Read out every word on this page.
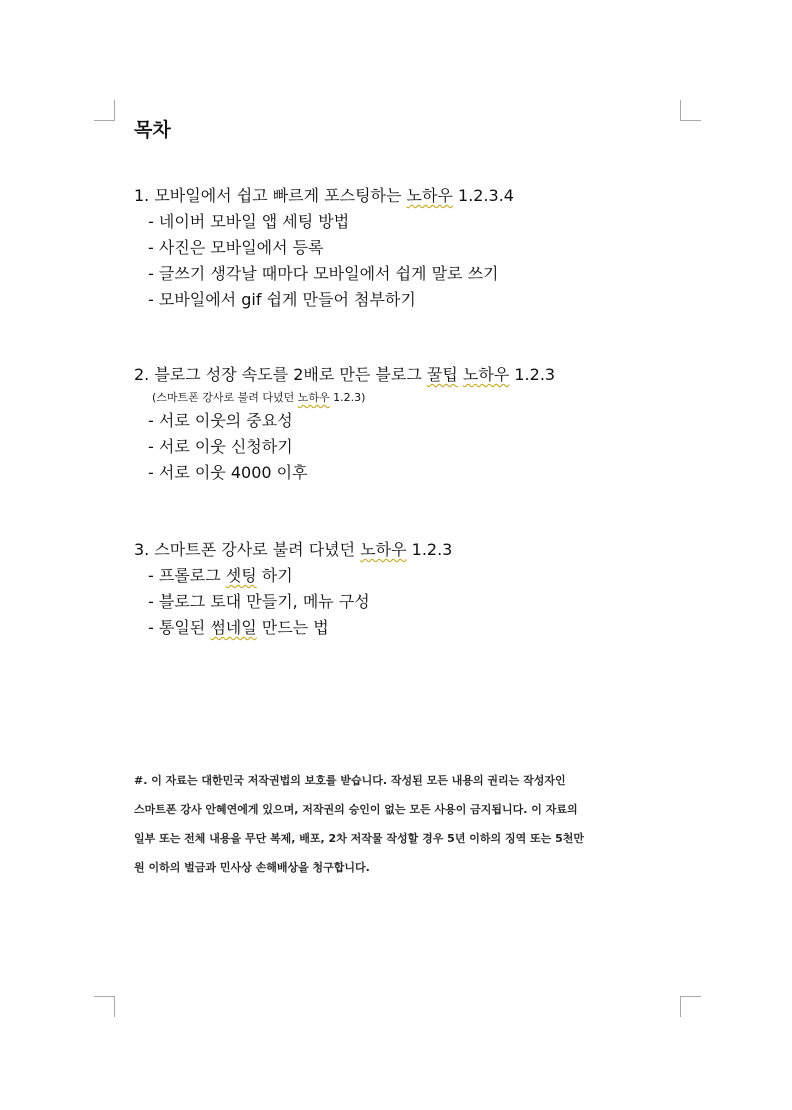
목차
1. 모바일에서 쉽고 빠르게 포스팅하는 노하우 1.2.3.4
- 네이버 모바일 앱 세팅 방법
- 사진은 모바일에서 등록
- 글쓰기 생각날 때마다 모바일에서 쉽게 말로 쓰기
- 모바일에서 gif 쉽게 만들어 첨부하기
2. 블로그 성장 속도를 2배로 만든 블로그 꿀팁 노하우 1.2.3
(스마트폰 강사로 불려 다녔던 노하우 1.2.3)
- 서로 이웃의 중요성
- 서로 이웃 신청하기
- 서로 이웃 4000 이후
3. 스마트폰 강사로 불려 다녔던 노하우 1.2.3
- 프롤로그 셋팅 하기
- 블로그 토대 만들기, 메뉴 구성
- 통일된 썸네일 만드는 법
#. 이 자료는 대한민국 저작권법의 보호를 받습니다. 작성된 모든 내용의 권리는 작성자인
스마트폰 강사 안혜연에게 있으며, 저작권의 승인이 없는 모든 사용이 금지됩니다. 이 자료의
일부 또는 전체 내용을 무단 복제, 배포, 2차 저작물 작성할 경우 5년 이하의 징역 또는 5천만
원 이하의 벌금과 민사상 손해배상을 청구합니다.
